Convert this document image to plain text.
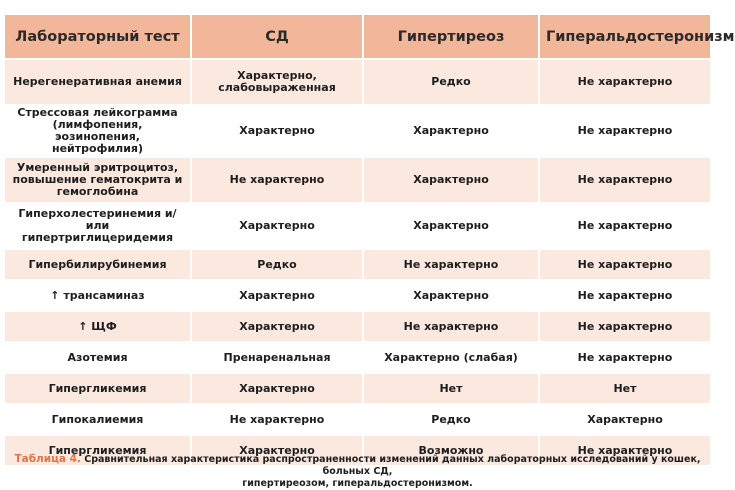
Лабораторный тест	СД	Гипертиреоз	Гиперальдостеронизм
Нерегенеративная анемия	Характерно, слабовыраженная	Редко	Не характерно
Стрессовая лейкограмма (лимфопения, эозинопения, нейтрофилия)	Характерно	Характерно	Не характерно
Умеренный эритроцитоз, повышение гематокрита и гемоглобина	Не характерно	Характерно	Не характерно
Гиперхолестеринемия и/или гипертриглицеридемия	Характерно	Характерно	Не характерно
Гипербилирубинемия	Редко	Не характерно	Не характерно
↑ трансаминаз	Характерно	Характерно	Не характерно
↑ ЩФ	Характерно	Не характерно	Не характерно
Азотемия	Пренаренальная	Характерно (слабая)	Не характерно
Гипергликемия	Характерно	Нет	Нет
Гипокалиемия	Не характерно	Редко	Характерно
Гипергликемия	Характерно	Возможно	Не характерно
Таблица 4. Сравнительная характеристика распространенности изменений данных лабораторных исследований у кошек, больных СД,
гипертиреозом, гиперальдостеронизмом.
